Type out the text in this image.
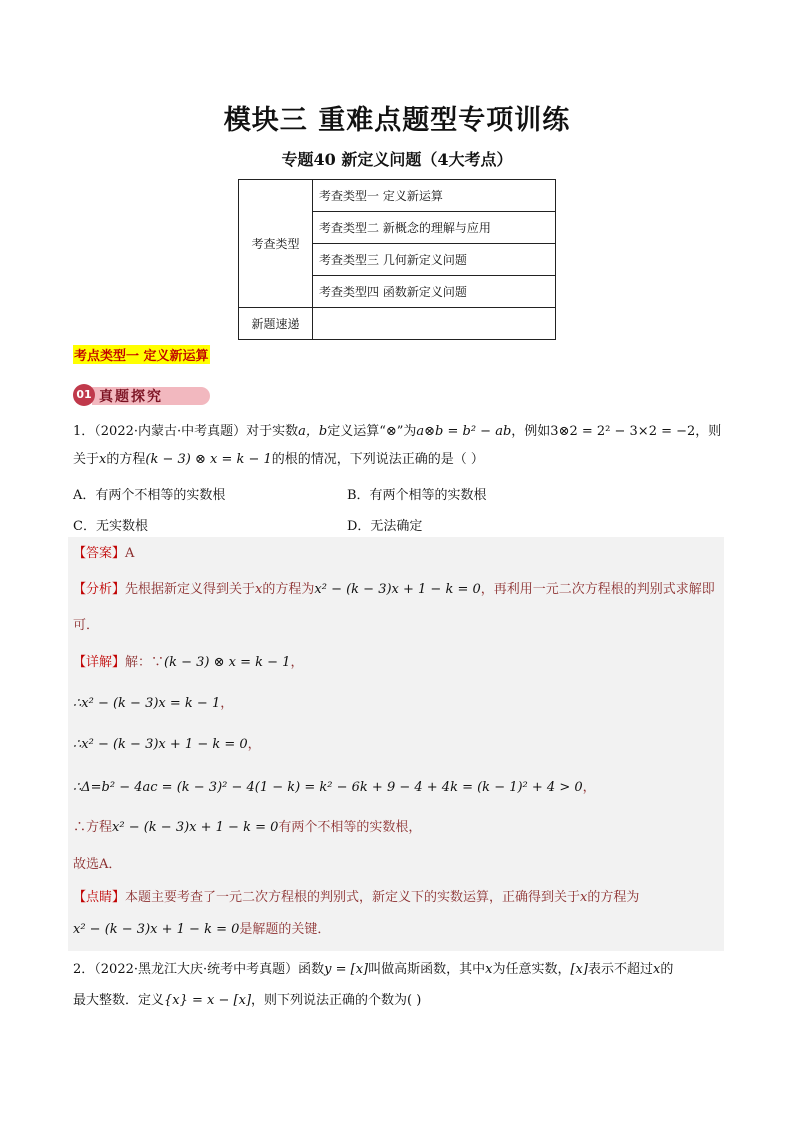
模块三 重难点题型专项训练
专题40 新定义问题（4大考点）
考查类型	考查类型一 定义新运算
	考查类型二 新概念的理解与应用
	考查类型三 几何新定义问题
	考查类型四 函数新定义问题
新题速递	
考点类型一 定义新运算
01 真题探究
1．（2022·内蒙古·中考真题）对于实数a，b定义运算“⊗”为a⊗b = b² − ab，例如3⊗2 = 2² − 3×2 = −2，则
关于x的方程(k − 3) ⊗ x = k − 1的根的情况，下列说法正确的是（ ）
A．有两个不相等的实数根	B．有两个相等的实数根
C．无实数根	D．无法确定
【答案】A
【分析】先根据新定义得到关于x的方程为x² − (k − 3)x + 1 − k = 0，再利用一元二次方程根的判别式求解即
可．
【详解】解：∵(k − 3) ⊗ x = k − 1，
∴x² − (k − 3)x = k − 1，
∴x² − (k − 3)x + 1 − k = 0，
∴Δ=b² − 4ac = (k − 3)² − 4(1 − k) = k² − 6k + 9 − 4 + 4k = (k − 1)² + 4 > 0，
∴方程x² − (k − 3)x + 1 − k = 0有两个不相等的实数根，
故选A．
【点睛】本题主要考查了一元二次方程根的判别式，新定义下的实数运算，正确得到关于x的方程为
x² − (k − 3)x + 1 − k = 0是解题的关键．
2．（2022·黑龙江大庆·统考中考真题）函数y = [x]叫做高斯函数，其中x为任意实数，[x]表示不超过x的
最大整数．定义{x} = x − [x]，则下列说法正确的个数为( )
